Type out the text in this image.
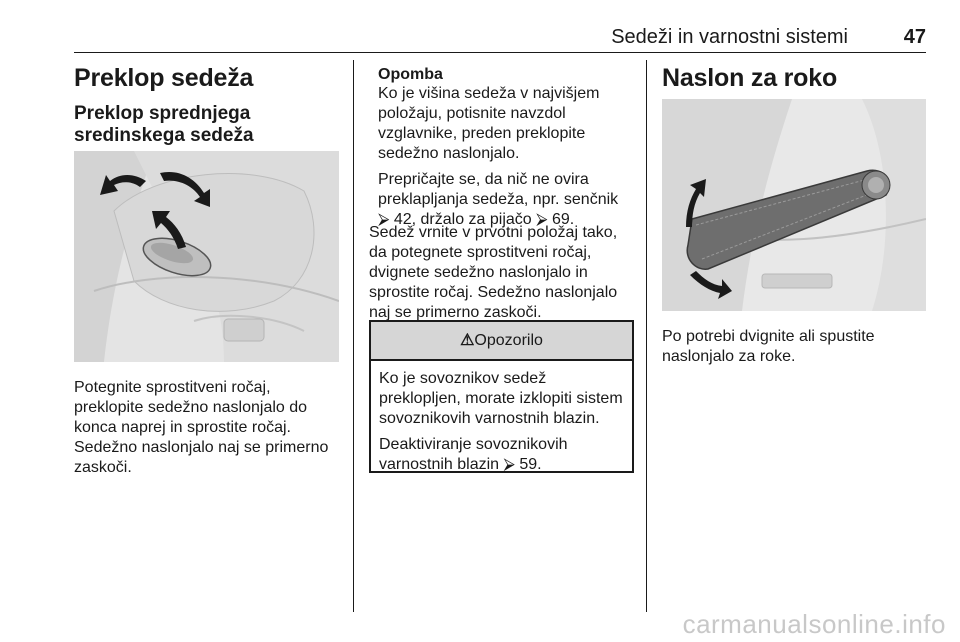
Sedeži in varnostni sistemi	47
Preklop sedeža
Preklop sprednjega sredinskega sedeža

Potegnite sprostitveni ročaj, preklopite sedežno naslonjalo do konca naprej in sprostite ročaj. Sedežno naslonjalo naj se primerno zaskoči.

Opomba

Ko je višina sedeža v najvišjem položaju, potisnite navzdol vzglavnike, preden preklopite sedežno naslonjalo.

Prepričajte se, da nič ne ovira preklapljanja sedeža, npr. senčnik ⮚ 42, držalo za pijačo ⮚ 69.

Sedež vrnite v prvotni položaj tako, da potegnete sprostitveni ročaj, dvignete sedežno naslonjalo in sprostite ročaj. Sedežno naslonjalo naj se primerno zaskoči.

⚠Opozorilo

Ko je sovoznikov sedež preklopljen, morate izklopiti sistem sovoznikovih varnostnih blazin.

Deaktiviranje sovoznikovih varnostnih blazin ⮚ 59.

Naslon za roko

Po potrebi dvignite ali spustite naslonjalo za roke.

carmanualsonline.info
